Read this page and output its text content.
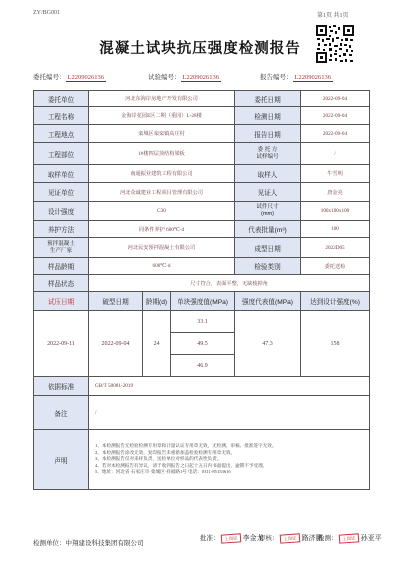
ZY/BG001	第1页 共1页
混凝土试块抗压强度检测报告
委托编号： L2209026136	试验编号： L2209026136	报告编号： L2209026136
委托单位	河北东海岸房地产开发有限公司			委托日期	2022-09-04
工程名称	金海岸花园E区二期（重园）L-28楼			检测日期	2022-09-04
工程地点	栾城区栾栾镇高庄村			报告日期	2022-09-04
工程部位	1#楼四层顶结构梁板			委 托 方
试样编号	/
取样单位	南通振业建筑工程有限公司			取样人	牛雪明
见证单位	河北众诚建业工程项目管理有限公司			见证人	唐金亮
设计强度	C30			试件尺寸
(mm)	100x100x100
养护方法	同条件养护 600℃·d			代表批量(m³)	100

预拌混凝土
生产厂家	河北民安预拌混凝土有限公司			成型日期	2022D05
样品龄期	600℃·d			检验类别	委托送检
样品状态	尺寸符合，表面平整，无缺棱掉角				
试压日期	破型日期	龄期(d)	单块强度值(MPa)	强度代表值(MPa)	达到设计强度(%)
2022-09-11	2022-09-04	24	33.1	47.3	158
			49.5		
			46.9		
依据标准	GB/T 50081-2019				
备注	/				
声明	1、本检测报告无检验检测专用章和计量认证专用章无效，无检测、审核、批准签字无效。
2、本检测报告涂改无效，复印报告未重新加盖检验检测专用章无效。
3、本检测报告仅对来样负责，送检单位对样品的代表性负责。
4、若对本检测报告有异议，请于收到报告之日起十五日内书面提出，逾期不予受理。
5、地址：河北省·石家庄市·栾城区·祥福路1号 电话：0311-85153616				
检测单位：中翔建设科技集团有限公司
批准： 上岗证 李金龙
审核： 上岗证 路济鹏
检测： 上岗证 孙亚平
